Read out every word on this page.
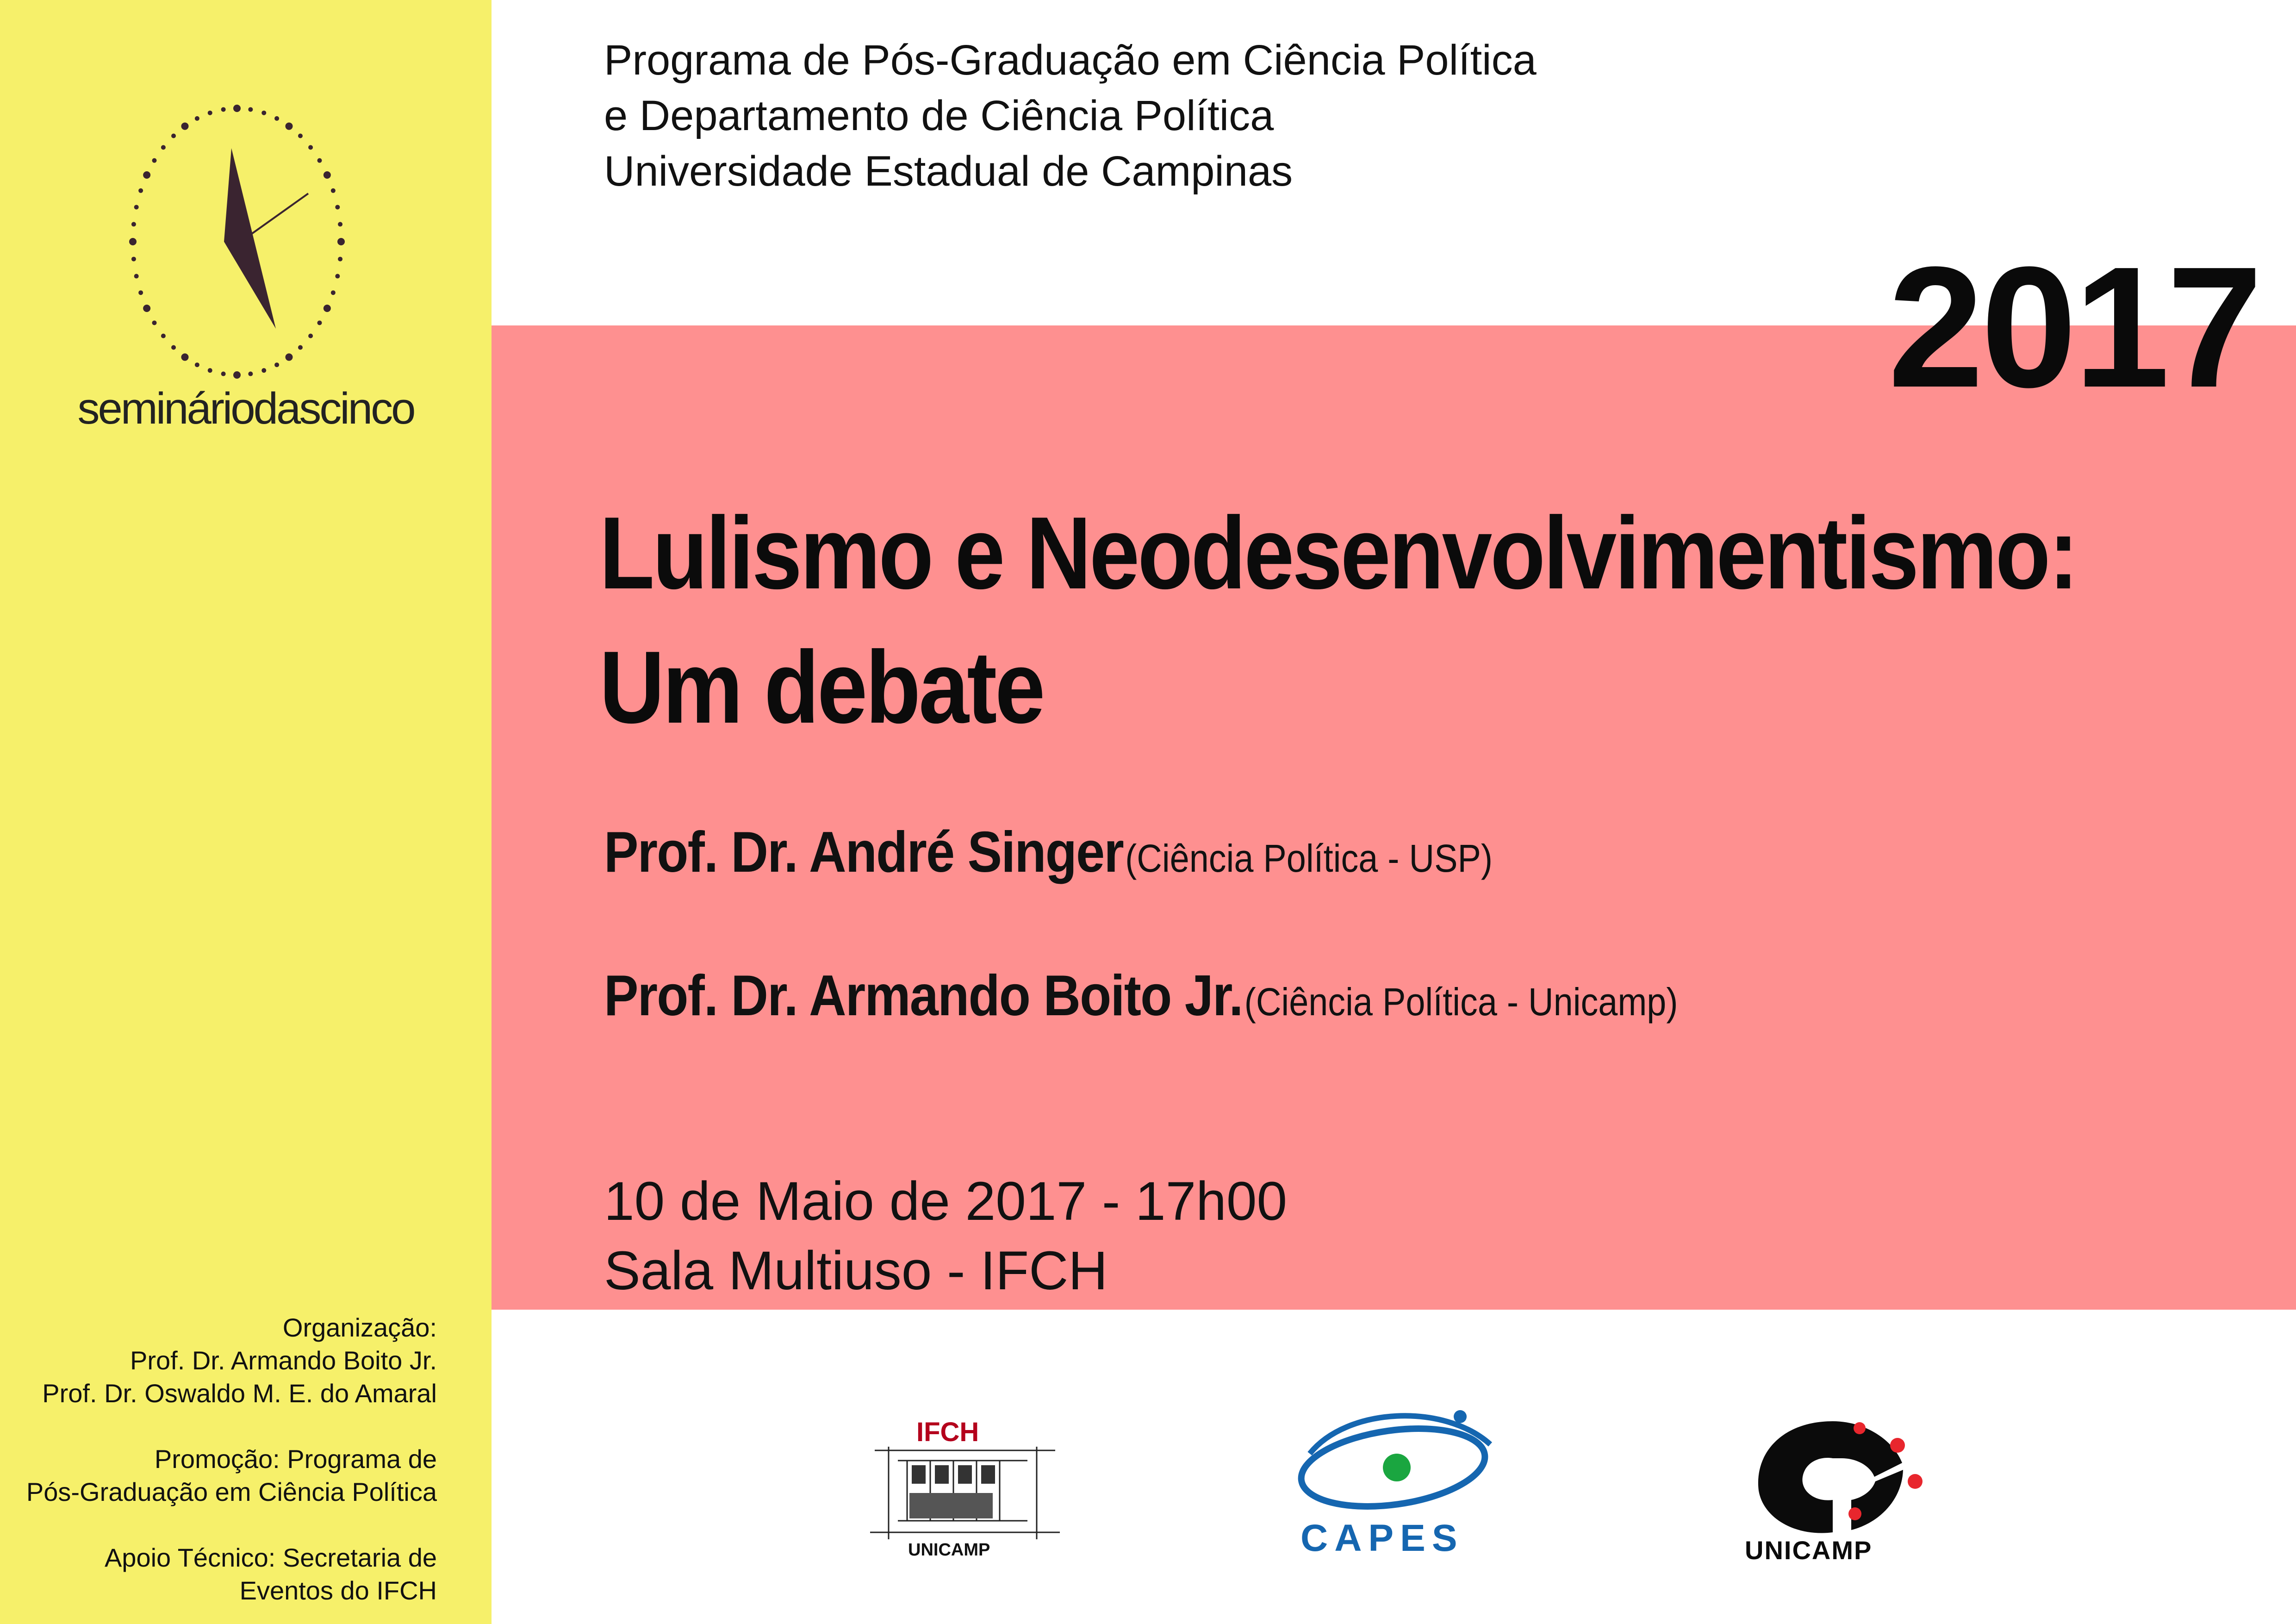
semináriodascinco
Programa de Pós-Graduação em Ciência Política
e Departamento de Ciência Política
Universidade Estadual de Campinas
2017
Lulismo e Neodesenvolvimentismo:
Um debate
Prof. Dr. André Singer (Ciência Política - USP)
Prof. Dr. Armando Boito Jr. (Ciência Política - Unicamp)
10 de Maio de 2017 - 17h00
Sala Multiuso - IFCH
Organização:
Prof. Dr. Armando Boito Jr.
Prof. Dr. Oswaldo M. E. do Amaral
Promoção: Programa de
Pós-Graduação em Ciência Política
Apoio Técnico: Secretaria de
Eventos do IFCH
IFCH
UNICAMP	CAPES	UNICAMP
